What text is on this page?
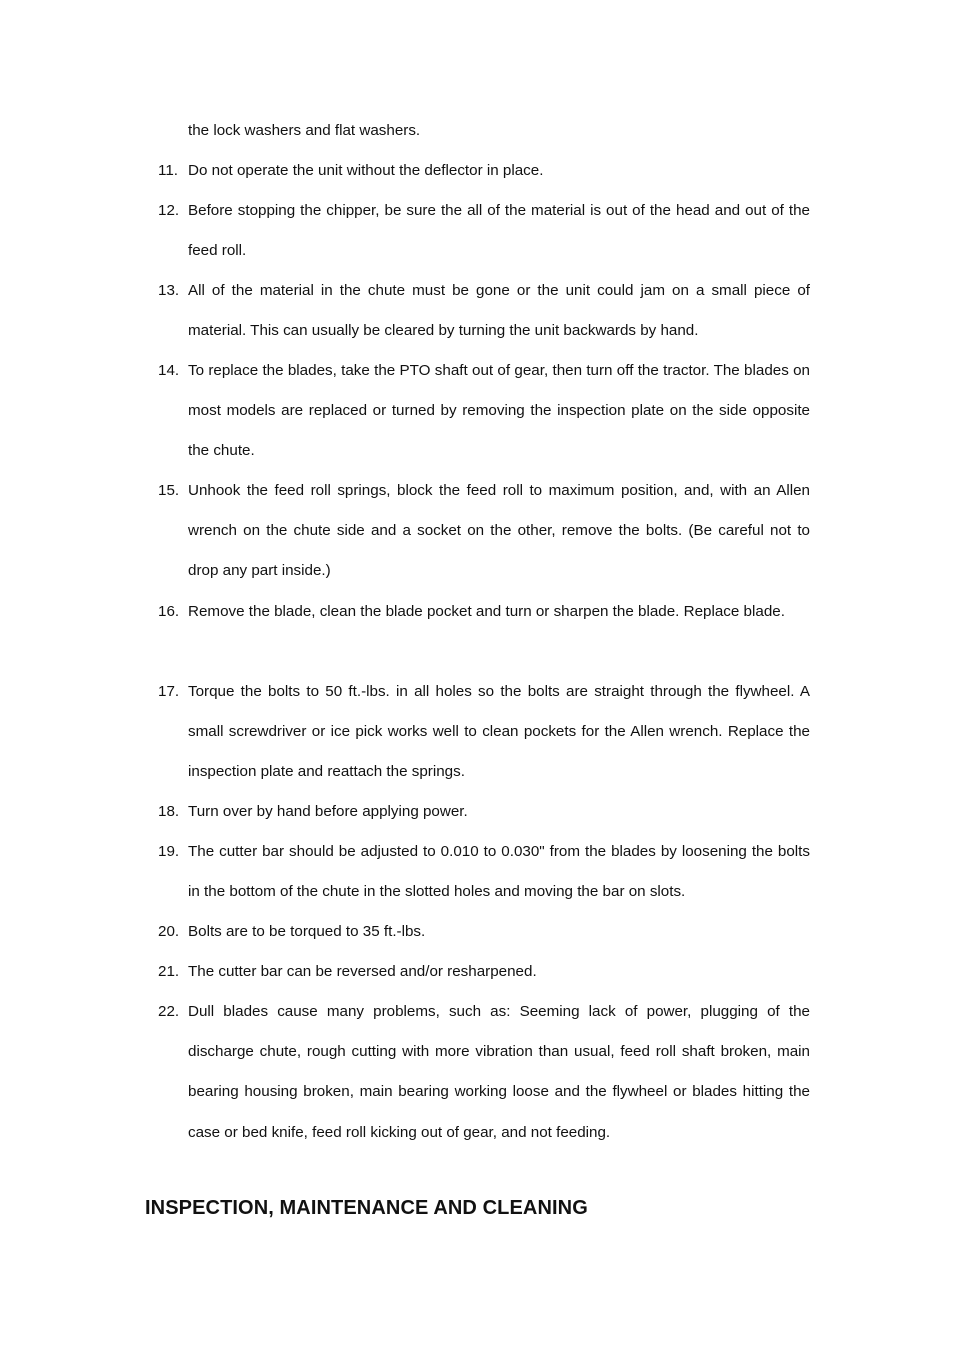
the lock washers and flat washers.
11. Do not operate the unit without the deflector in place.
12. Before stopping the chipper, be sure the all of the material is out of the head and out of the feed roll.
13. All of the material in the chute must be gone or the unit could jam on a small piece of material. This can usually be cleared by turning the unit backwards by hand.
14. To replace the blades, take the PTO shaft out of gear, then turn off the tractor. The blades on most models are replaced or turned by removing the inspection plate on the side opposite the chute.
15. Unhook the feed roll springs, block the feed roll to maximum position, and, with an Allen wrench on the chute side and a socket on the other, remove the bolts. (Be careful not to drop any part inside.)
16. Remove the blade, clean the blade pocket and turn or sharpen the blade. Replace blade.
17. Torque the bolts to 50 ft.-lbs. in all holes so the bolts are straight through the flywheel. A small screwdriver or ice pick works well to clean pockets for the Allen wrench. Replace the inspection plate and reattach the springs.
18. Turn over by hand before applying power.
19. The cutter bar should be adjusted to 0.010 to 0.030" from the blades by loosening the bolts in the bottom of the chute in the slotted holes and moving the bar on slots.
20. Bolts are to be torqued to 35 ft.-lbs.
21. The cutter bar can be reversed and/or resharpened.
22. Dull blades cause many problems, such as: Seeming lack of power, plugging of the discharge chute, rough cutting with more vibration than usual, feed roll shaft broken, main bearing housing broken, main bearing working loose and the flywheel or blades hitting the case or bed knife, feed roll kicking out of gear, and not feeding.
INSPECTION, MAINTENANCE AND CLEANING
